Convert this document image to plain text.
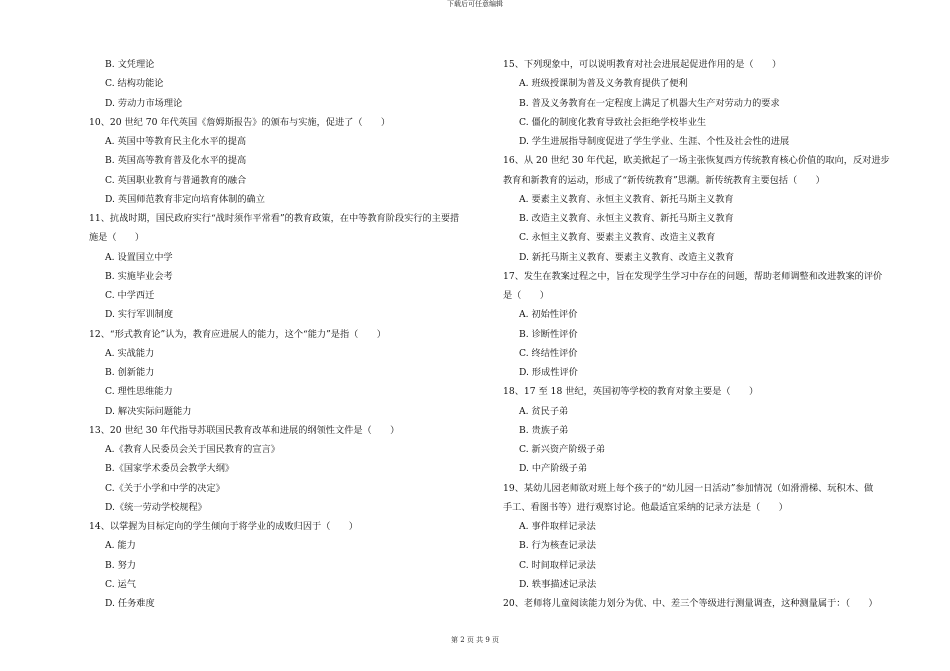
下载后可任意编辑
B. 文凭理论
C. 结构功能论
D. 劳动力市场理论
10、20 世纪 70 年代英国《詹姆斯报告》的颁布与实施，促进了（　　）
A. 英国中等教育民主化水平的提高
B. 英国高等教育普及化水平的提高
C. 英国职业教育与普通教育的融合
D. 英国师范教育非定向培育体制的确立
11、抗战时期，国民政府实行“战时须作平常看”的教育政策，在中等教育阶段实行的主要措
施是（　　）
A. 设置国立中学
B. 实施毕业会考
C. 中学西迁
D. 实行军训制度
12、“形式教育论”认为，教育应进展人的能力，这个“能力”是指（　　）
A. 实战能力
B. 创新能力
C. 理性思维能力
D. 解决实际问题能力
13、20 世纪 30 年代指导苏联国民教育改革和进展的纲领性文件是（　　）
A.《教育人民委员会关于国民教育的宣言》
B.《国家学术委员会教学大纲》
C.《关于小学和中学的决定》
D.《统一劳动学校规程》
14、以掌握为目标定向的学生倾向于将学业的成败归因于（　　）
A. 能力
B. 努力
C. 运气
D. 任务难度
15、下列现象中，可以说明教育对社会进展起促进作用的是（　　）
A. 班级授课制为普及义务教育提供了便利
B. 普及义务教育在一定程度上满足了机器大生产对劳动力的要求
C. 僵化的制度化教育导致社会拒绝学校毕业生
D. 学生进展指导制度促进了学生学业、生涯、个性及社会性的进展
16、从 20 世纪 30 年代起，欧美掀起了一场主张恢复西方传统教育核心价值的取向，反对进步
教育和新教育的运动，形成了“新传统教育”思潮。新传统教育主要包括（　　）
A. 要素主义教育、永恒主义教育、新托马斯主义教育
B. 改造主义教育、永恒主义教育、新托马斯主义教育
C. 永恒主义教育、要素主义教育、改造主义教育
D. 新托马斯主义教育、要素主义教育、改造主义教育
17、发生在教案过程之中，旨在发现学生学习中存在的问题，帮助老师调整和改进教案的评价
是（　　）
A. 初始性评价
B. 诊断性评价
C. 终结性评价
D. 形成性评价
18、17 至 18 世纪，英国初等学校的教育对象主要是（　　）
A. 贫民子弟
B. 贵族子弟
C. 新兴资产阶级子弟
D. 中产阶级子弟
19、某幼儿园老师欲对班上每个孩子的“幼儿园一日活动”参加情况（如滑滑梯、玩积木、做
手工、看图书等）进行观察讨论。他最适宜采纳的记录方法是（　　）
A. 事件取样记录法
B. 行为核查记录法
C. 时间取样记录法
D. 轶事描述记录法
20、老师将儿童阅读能力划分为优、中、差三个等级进行测量调查，这种测量属于：（　　）
第 2 页 共 9 页
